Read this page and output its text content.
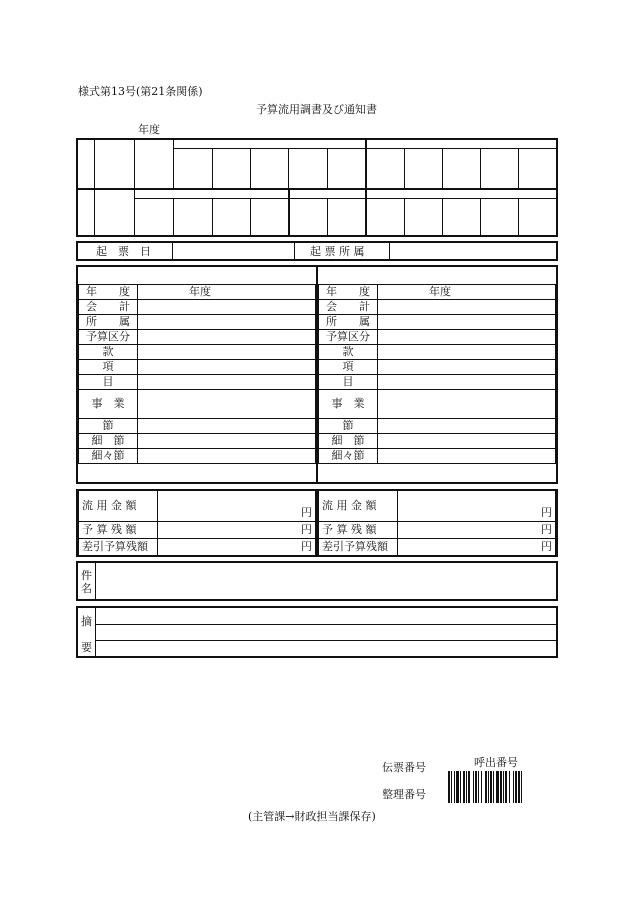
様式第13号(第21条関係)
予算流用調書及び通知書
年度
起　票　日	起 票 所 属
年　　度	年度
会　　計	
所　　属	
予算区分	
款	
項	
目	
事　業	
節	
細　節	
細々節	
年　　度	年度
会　　計	
所　　属	
予算区分	
款	
項	
目	
事　業	
節	
細　節	
細々節	
流 用 金 額	円
予 算 残 額	円
差引予算残額	円
流 用 金 額	円
予 算 残 額	円
差引予算残額	円
件
名
摘
要
伝票番号	呼出番号
整理番号
(主管課→財政担当課保存)
